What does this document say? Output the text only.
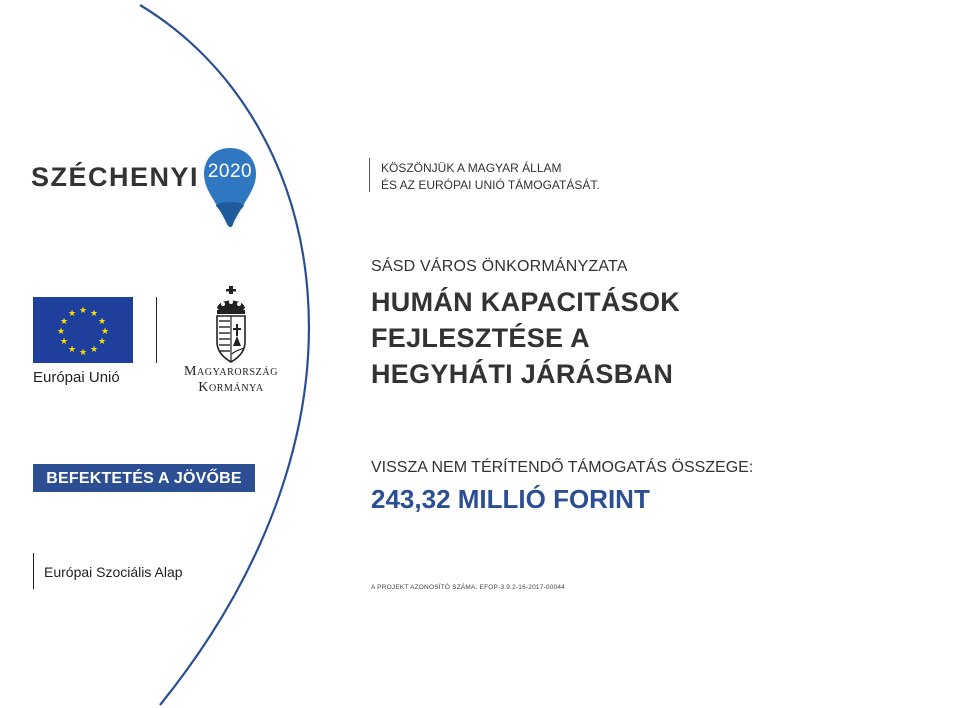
SZÉCHENYI 2020
★ ★
★
★
★
★
★
★
★
★
★
★
Európai Unió	Magyarország
Kormánya
BEFEKTETÉS A JÖVŐBE
Európai Szociális Alap
KÖSZÖNJÜK A MAGYAR ÁLLAM
ÉS AZ EURÓPAI UNIÓ TÁMOGATÁSÁT.
SÁSD VÁROS ÖNKORMÁNYZATA
HUMÁN KAPACITÁSOK
FEJLESZTÉSE A
HEGYHÁTI JÁRÁSBAN
VISSZA NEM TÉRÍTENDŐ TÁMOGATÁS ÖSSZEGE:
243,32 MILLIÓ FORINT
A PROJEKT AZONOSÍTÓ SZÁMA: EFOP-3.9.2-16-2017-00044
